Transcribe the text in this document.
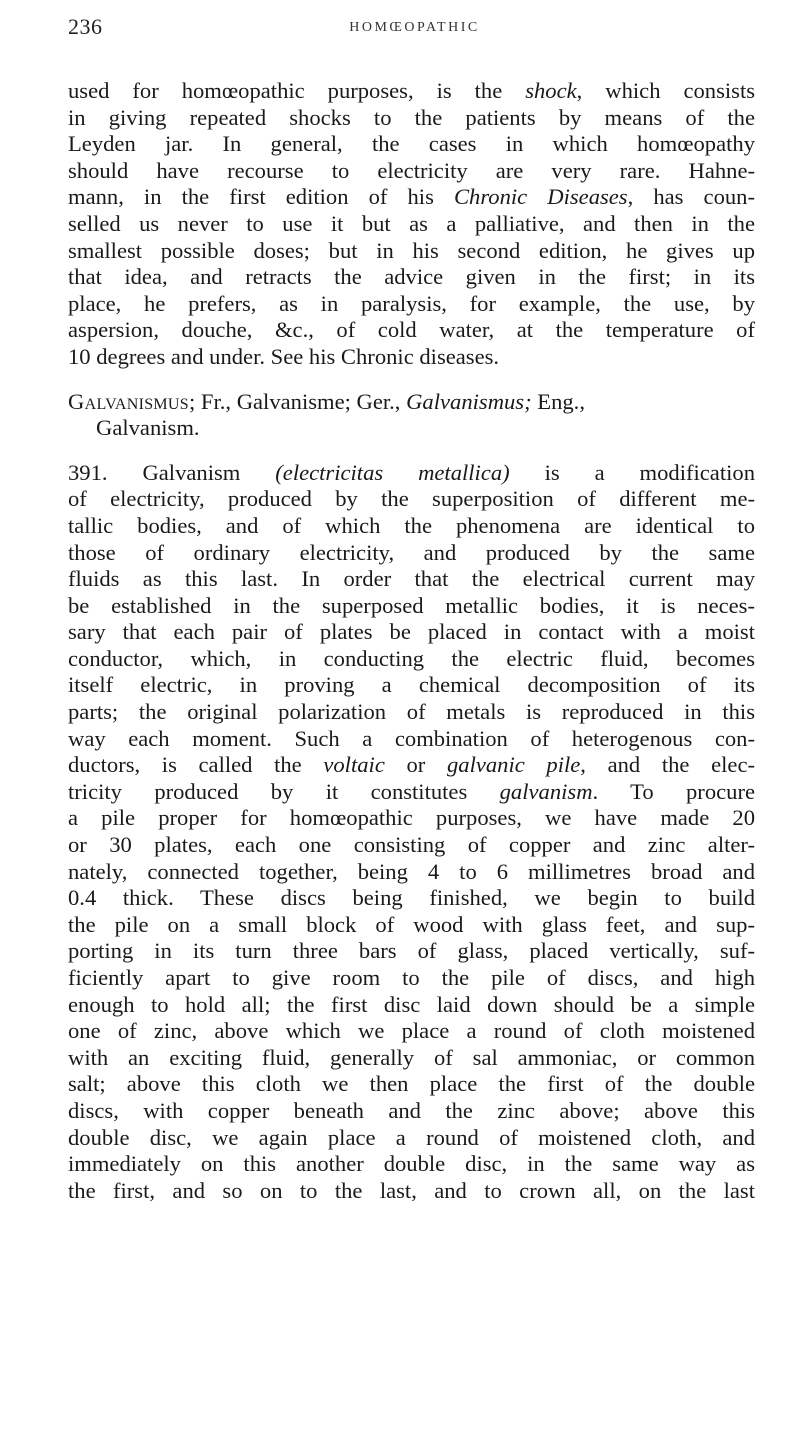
236	HOMŒOPATHIC

used for homœopathic purposes, is the shock, which consists
in giving repeated shocks to the patients by means of the
Leyden jar. In general, the cases in which homœopathy
should have recourse to electricity are very rare. Hahne-
mann, in the first edition of his Chronic Diseases, has coun-
selled us never to use it but as a palliative, and then in the
smallest possible doses; but in his second edition, he gives up
that idea, and retracts the advice given in the first; in its
place, he prefers, as in paralysis, for example, the use, by
aspersion, douche, &c., of cold water, at the temperature of
10 degrees and under. See his Chronic diseases.

Galvanismus; Fr., Galvanisme; Ger., Galvanismus; Eng.,
Galvanism.

391. Galvanism (electricitas metallica) is a modification
of electricity, produced by the superposition of different me-
tallic bodies, and of which the phenomena are identical to
those of ordinary electricity, and produced by the same
fluids as this last. In order that the electrical current may
be established in the superposed metallic bodies, it is neces-
sary that each pair of plates be placed in contact with a moist
conductor, which, in conducting the electric fluid, becomes
itself electric, in proving a chemical decomposition of its
parts; the original polarization of metals is reproduced in this
way each moment. Such a combination of heterogenous con-
ductors, is called the voltaic or galvanic pile, and the elec-
tricity produced by it constitutes galvanism. To procure
a pile proper for homœopathic purposes, we have made 20
or 30 plates, each one consisting of copper and zinc alter-
nately, connected together, being 4 to 6 millimetres broad and
0.4 thick. These discs being finished, we begin to build
the pile on a small block of wood with glass feet, and sup-
porting in its turn three bars of glass, placed vertically, suf-
ficiently apart to give room to the pile of discs, and high
enough to hold all; the first disc laid down should be a simple
one of zinc, above which we place a round of cloth moistened
with an exciting fluid, generally of sal ammoniac, or common
salt; above this cloth we then place the first of the double
discs, with copper beneath and the zinc above; above this
double disc, we again place a round of moistened cloth, and
immediately on this another double disc, in the same way as
the first, and so on to the last, and to crown all, on the last
